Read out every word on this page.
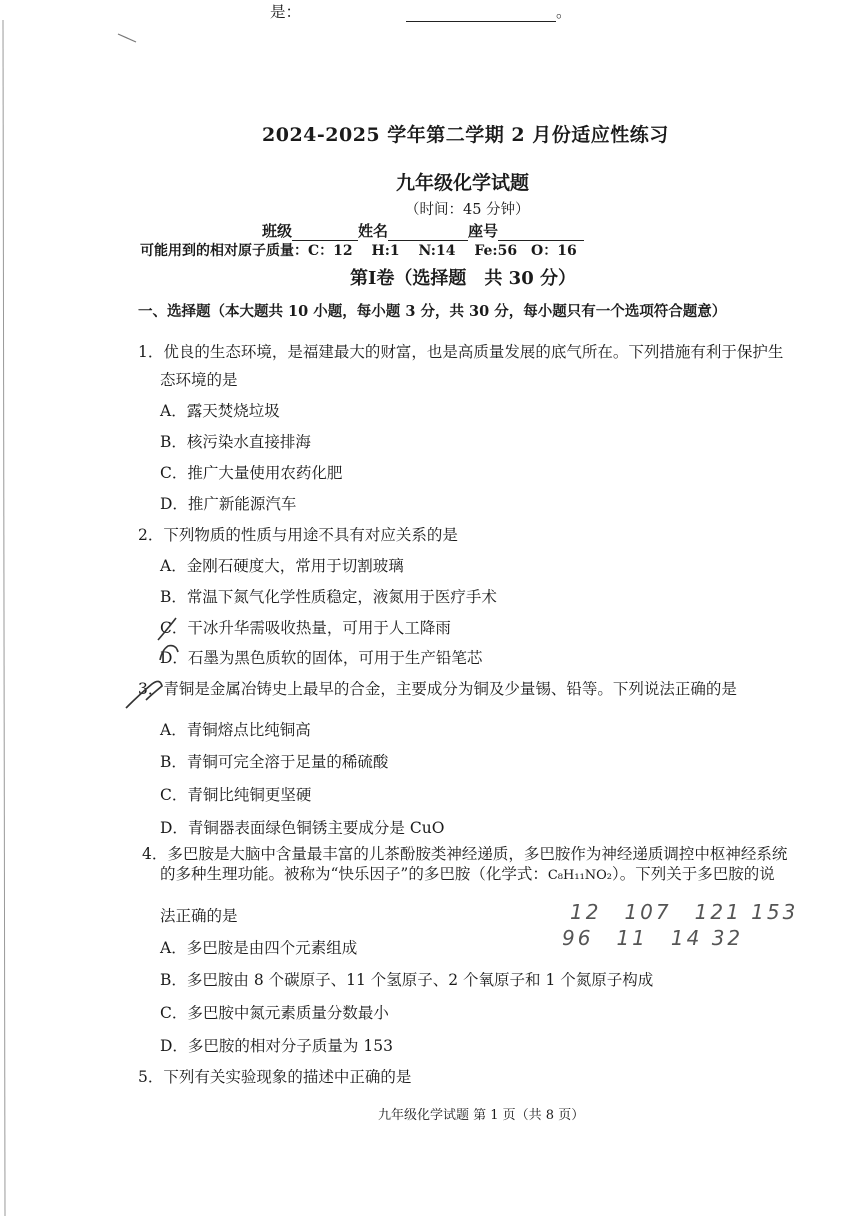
是：	。
2024-2025 学年第二学期 2 月份适应性练习
九年级化学试题
（时间：45 分钟）
班级	姓名	座号
可能用到的相对原子质量：C：12　 H:1　 N:14　 Fe:56　O：16
第Ⅰ卷（选择题　共 30 分）
一、选择题（本大题共 10 小题，每小题 3 分，共 30 分，每小题只有一个选项符合题意）
1．优良的生态环境，是福建最大的财富，也是高质量发展的底气所在。下列措施有利于保护生
态环境的是
A．露天焚烧垃圾
B．核污染水直接排海
C．推广大量使用农药化肥
D．推广新能源汽车
2．下列物质的性质与用途不具有对应关系的是
A．金刚石硬度大，常用于切割玻璃
B．常温下氮气化学性质稳定，液氮用于医疗手术
C．干冰升华需吸收热量，可用于人工降雨
D．石墨为黑色质软的固体，可用于生产铅笔芯
3．青铜是金属冶铸史上最早的合金，主要成分为铜及少量锡、铅等。下列说法正确的是
A．青铜熔点比纯铜高
B．青铜可完全溶于足量的稀硫酸
C．青铜比纯铜更坚硬
D．青铜器表面绿色铜锈主要成分是 CuO
4．多巴胺是大脑中含量最丰富的儿茶酚胺类神经递质，多巴胺作为神经递质调控中枢神经系统
的多种生理功能。被称为“快乐因子”的多巴胺（化学式：C₈H₁₁NO₂）。下列关于多巴胺的说
法正确的是
A．多巴胺是由四个元素组成
B．多巴胺由 8 个碳原子、11 个氢原子、2 个氧原子和 1 个氮原子构成
C．多巴胺中氮元素质量分数最小
D．多巴胺的相对分子质量为 153
5．下列有关实验现象的描述中正确的是
12　107　121 153
96　11　14 32
九年级化学试题 第 1 页（共 8 页）
